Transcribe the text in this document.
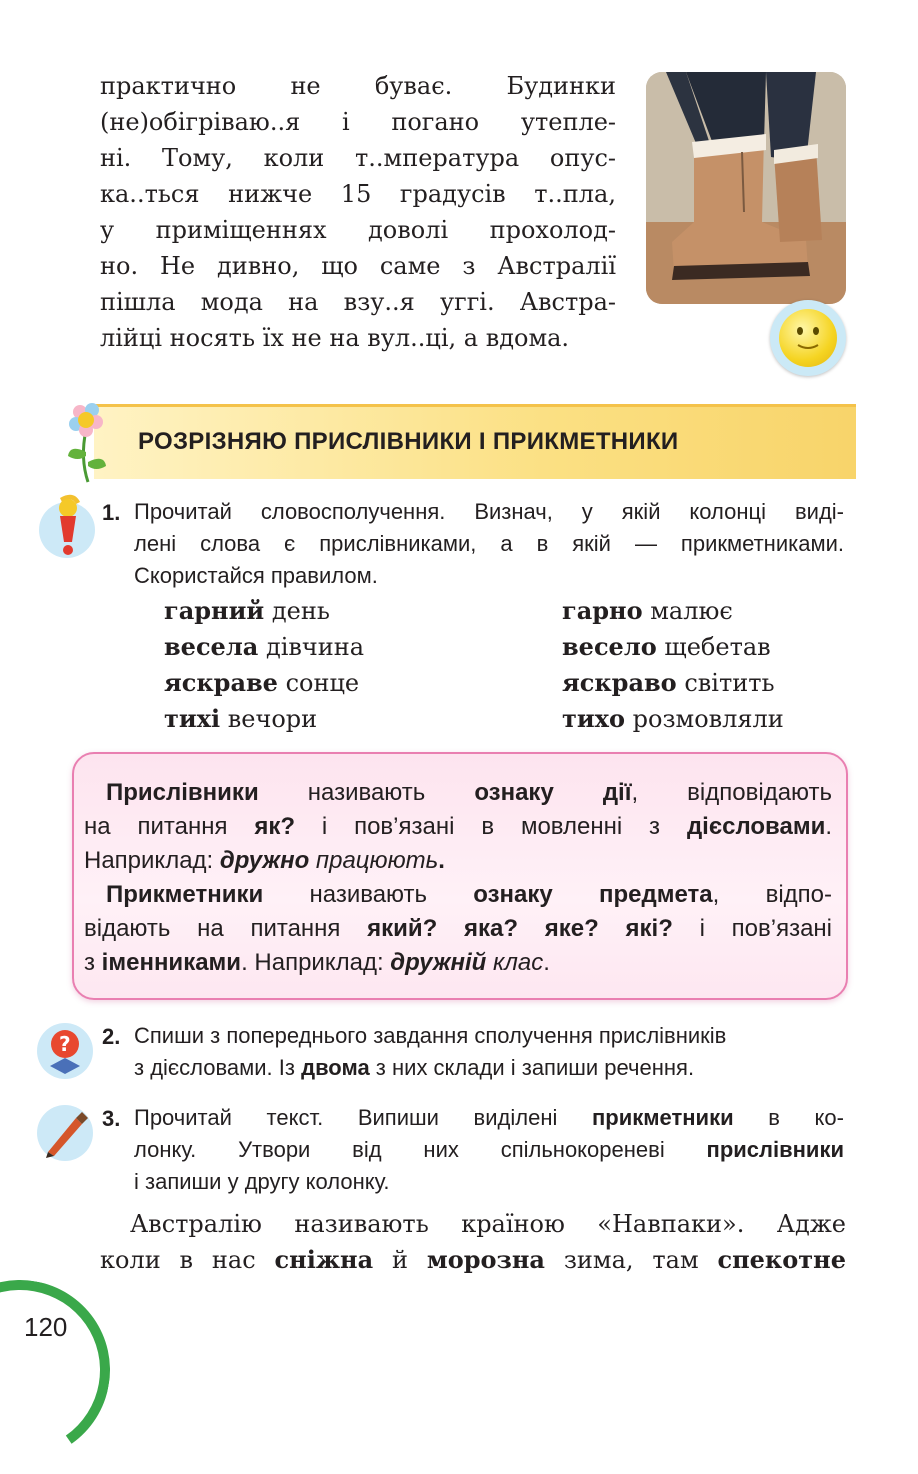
практично не буває. Будинки
(не)обігріваю..я і погано утепле-
ні. Тому, коли т..мпература опус-
ка..ться нижче 15 градусів т..пла,
у приміщеннях доволі прохолод-
но. Не дивно, що саме з Австралії
пішла мода на взу..я уггі. Австра-
лійці носять їх не на вул..ці, а вдома.
РОЗРІЗНЯЮ ПРИСЛІВНИКИ І ПРИКМЕТНИКИ
1. Прочитай словосполучення. Визнач, у якій колонці виді-
лені слова є прислівниками, а в якій — прикметниками.
Скористайся правилом.
гарний день
весела дівчина
яскраве сонце
тихі вечори
гарно малює
весело щебетав
яскраво світить
тихо розмовляли
Прислівники називають ознаку дії, відповідають
на питання як? і пов’язані в мовленні з дієсловами.
Наприклад: дружно працюють.
Прикметники називають ознаку предмета, відпо-
відають на питання який? яка? яке? які? і пов’язані
з іменниками. Наприклад: дружній клас.
? 2. Спиши з попереднього завдання сполучення прислівників
з дієсловами. Із двома з них склади і запиши речення.
3. Прочитай текст. Випиши виділені прикметники в ко-
лонку. Утвори від них спільнокореневі прислівники
і запиши у другу колонку.
Австралію називають країною «Навпаки». Адже
коли в нас сніжна й морозна зима, там спекотне
120
